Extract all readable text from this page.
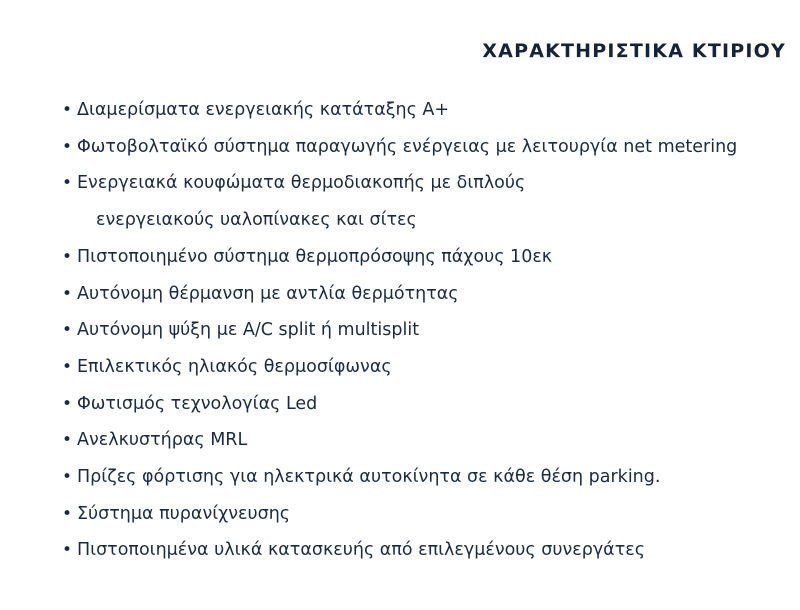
ΧΑΡΑΚΤΗΡΙΣΤΙΚΑ ΚΤΙΡΙΟΥ
• Διαμερίσματα ενεργειακής κατάταξης Α+
• Φωτοβολταϊκό σύστημα παραγωγής ενέργειας με λειτουργία net metering
• Ενεργειακά κουφώματα θερμοδιακοπής με διπλούς
ενεργειακούς υαλοπίνακες και σίτες
• Πιστοποιημένο σύστημα θερμοπρόσοψης πάχους 10εκ
• Αυτόνομη θέρμανση με αντλία θερμότητας
• Αυτόνομη ψύξη με A/C split ή multisplit
• Επιλεκτικός ηλιακός θερμοσίφωνας
• Φωτισμός τεχνολογίας Led
• Ανελκυστήρας MRL
• Πρίζες φόρτισης για ηλεκτρικά αυτοκίνητα σε κάθε θέση parking.
• Σύστημα πυρανίχνευσης
• Πιστοποιημένα υλικά κατασκευής από επιλεγμένους συνεργάτες
